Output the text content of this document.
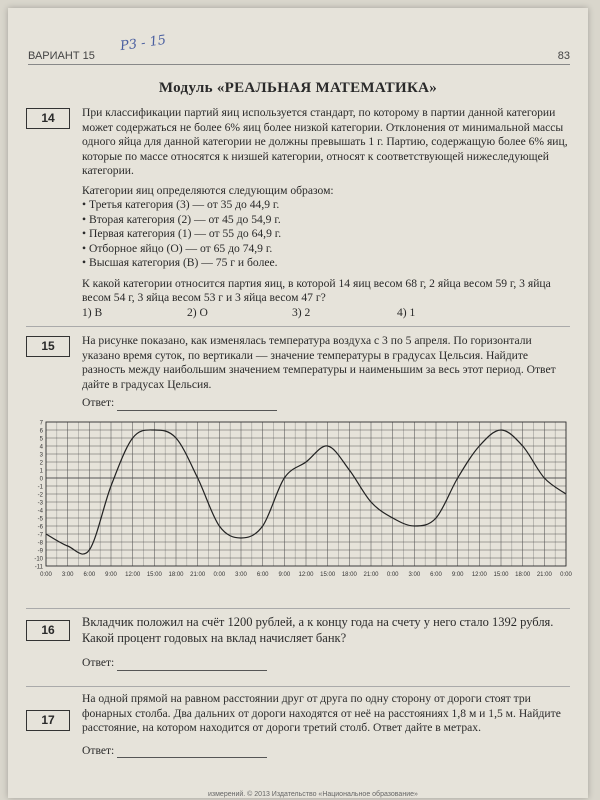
Р3 - 15
ВАРИАНТ 15	83
Модуль «РЕАЛЬНАЯ МАТЕМАТИКА»
14	При классификации партий яиц используется стандарт, по которому в партии данной категории может содержаться не более 6% яиц более низкой категории. Отклонения от минимальной массы одного яйца для данной категории не должны превышать 1 г. Партию, содержащую более 6% яиц, которые по массе относятся к низшей категории, относят к соответствующей нижеследующей категории.
Категории яиц определяются следующим образом:
• Третья категория (3) — от 35 до 44,9 г.
• Вторая категория (2) — от 45 до 54,9 г.
• Первая категория (1) — от 55 до 64,9 г.
• Отборное яйцо (О) — от 65 до 74,9 г.
• Высшая категория (В) — 75 г и более.
К какой категории относится партия яиц, в которой 14 яиц весом 68 г, 2 яйца весом 59 г, 3 яйца весом 54 г, 3 яйца весом 53 г и 3 яйца весом 47 г?
1) В	2) О	3) 2	4) 1
15	На рисунке показано, как изменялась температура воздуха с 3 по 5 апреля. По горизонтали указано время суток, по вертикали — значение температуры в градусах Цельсия. Найдите разность между наибольшим значением температуры и наименьшим за весь этот период. Ответ дайте в градусах Цельсия.
Ответ:
-11
-10
-9
-8
-7
-6
-5
-4
-3
-2
-1
0
1
2
3
4
5
6
7
0:00 3:00 6:00 9:00 12:00 15:00 18:00 21:00 0:00 3:00 6:00 9:00 12:00 15:00 18:00 21:00 0:00 3:00 6:00 9:00 12:00 15:00 18:00 21:00 0:00
16
Вкладчик положил на счёт 1200 рублей, а к концу года на счету у него стало 1392 рубля. Какой процент годовых на вклад начисляет банк?
Ответ:
17
На одной прямой на равном расстоянии друг от друга по одну сторону от дороги стоят три фонарных столба. Два дальних от дороги находятся от неё на расстояниях 1,8 м и 1,5 м. Найдите расстояние, на котором находится от дороги третий столб. Ответ дайте в метрах.
Ответ:
измерений. © 2013 Издательство «Национальное образование»
